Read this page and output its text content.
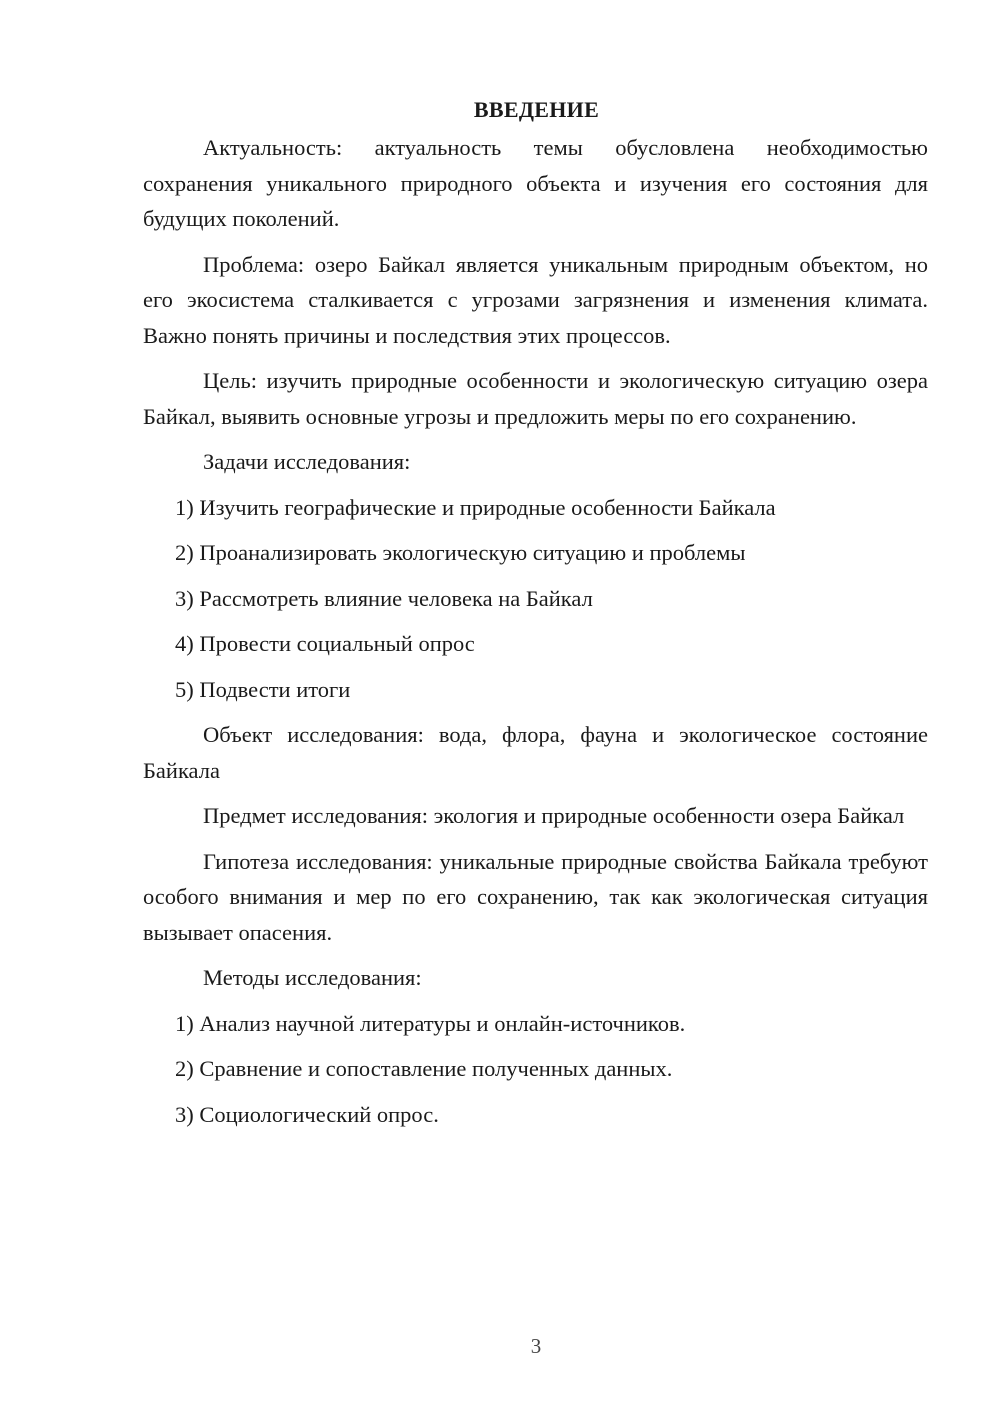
ВВЕДЕНИЕ

Актуальность: актуальность темы обусловлена необходимостью сохранения уникального природного объекта и изучения его состояния для будущих поколений.

Проблема: озеро Байкал является уникальным природным объектом, но его экосистема сталкивается с угрозами загрязнения и изменения климата. Важно понять причины и последствия этих процессов.

Цель: изучить природные особенности и экологическую ситуацию озера Байкал, выявить основные угрозы и предложить меры по его сохранению.

Задачи исследования:

1) Изучить географические и природные особенности Байкала
2) Проанализировать экологическую ситуацию и проблемы
3) Рассмотреть влияние человека на Байкал
4) Провести социальный опрос
5) Подвести итоги

Объект исследования: вода, флора, фауна и экологическое состояние Байкала

Предмет исследования: экология и природные особенности озера Байкал

Гипотеза исследования: уникальные природные свойства Байкала требуют особого внимания и мер по его сохранению, так как экологическая ситуация вызывает опасения.

Методы исследования:

1) Анализ научной литературы и онлайн-источников.
2) Сравнение и сопоставление полученных данных.
3) Социологический опрос.
3
